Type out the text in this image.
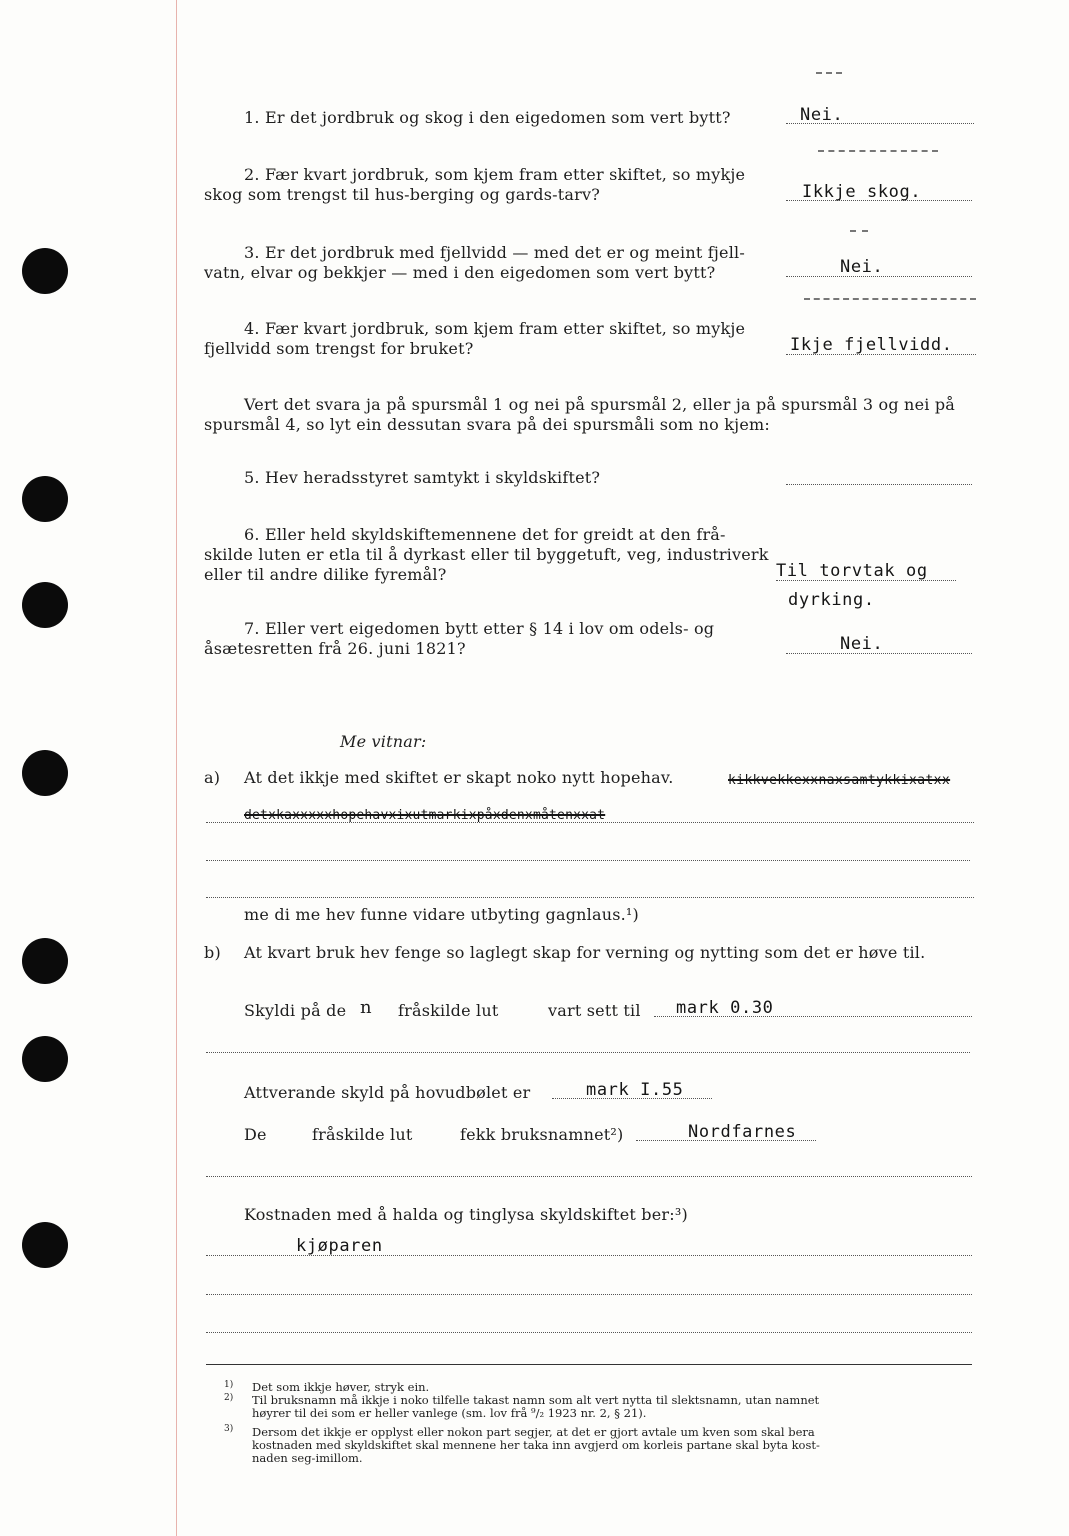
1. Er det jordbruk og skog i den eigedomen som vert bytt?	Nei.

2. Fær kvart jordbruk, som kjem fram etter skiftet, so mykje

skog som trengst til hus-berging og gards-tarv?	Ikkje skog.

3. Er det jordbruk med fjellvidd — med det er og meint fjell-

vatn, elvar og bekkjer — med i den eigedomen som vert bytt?	Nei.

4. Fær kvart jordbruk, som kjem fram etter skiftet, so mykje

fjellvidd som trengst for bruket?	Ikje fjellvidd.

Vert det svara ja på spursmål 1 og nei på spursmål 2, eller ja på spursmål 3 og nei på

spursmål 4, so lyt ein dessutan svara på dei spursmåli som no kjem:

5. Hev heradsstyret samtykt i skyldskiftet?

6. Eller held skyldskiftemennene det for greidt at den frå-

skilde luten er etla til å dyrkast eller til byggetuft, veg, industriverk

eller til andre dilike fyremål?	Til torvtak og

dyrking.

7. Eller vert eigedomen bytt etter § 14 i lov om odels- og

åsætesretten frå 26. juni 1821?	Nei.

Me vitnar:

a) At det ikkje med skiftet er skapt noko nytt hopehav.	kikkvekkexxnaxsamtykkixatxx

detxkaxxxxxhopehavxixutmarkixpåxdenxmåtenxxat

me di me hev funne vidare utbyting gagnlaus.¹)

b) At kvart bruk hev fenge so laglegt skap for verning og nytting som det er høve til.

Skyldi på de n fråskilde lut	vart sett til mark 0.30

Attverande skyld på hovudbølet er	mark I.55

De	fråskilde lut	fekk bruksnamnet²)	Nordfarnes

Kostnaden med å halda og tinglysa skyldskiftet ber:³)

kjøparen

1) Det som ikkje høver, stryk ein.

2) Til bruksnamn må ikkje i noko tilfelle takast namn som alt vert nytta til slektsnamn, utan namnet

høyrer til dei som er heller vanlege (sm. lov frå ⁹/₂ 1923 nr. 2, § 21).

3) Dersom det ikkje er opplyst eller nokon part segjer, at det er gjort avtale um kven som skal bera

kostnaden med skyldskiftet skal mennene her taka inn avgjerd om korleis partane skal byta kost-

naden seg-imillom.
